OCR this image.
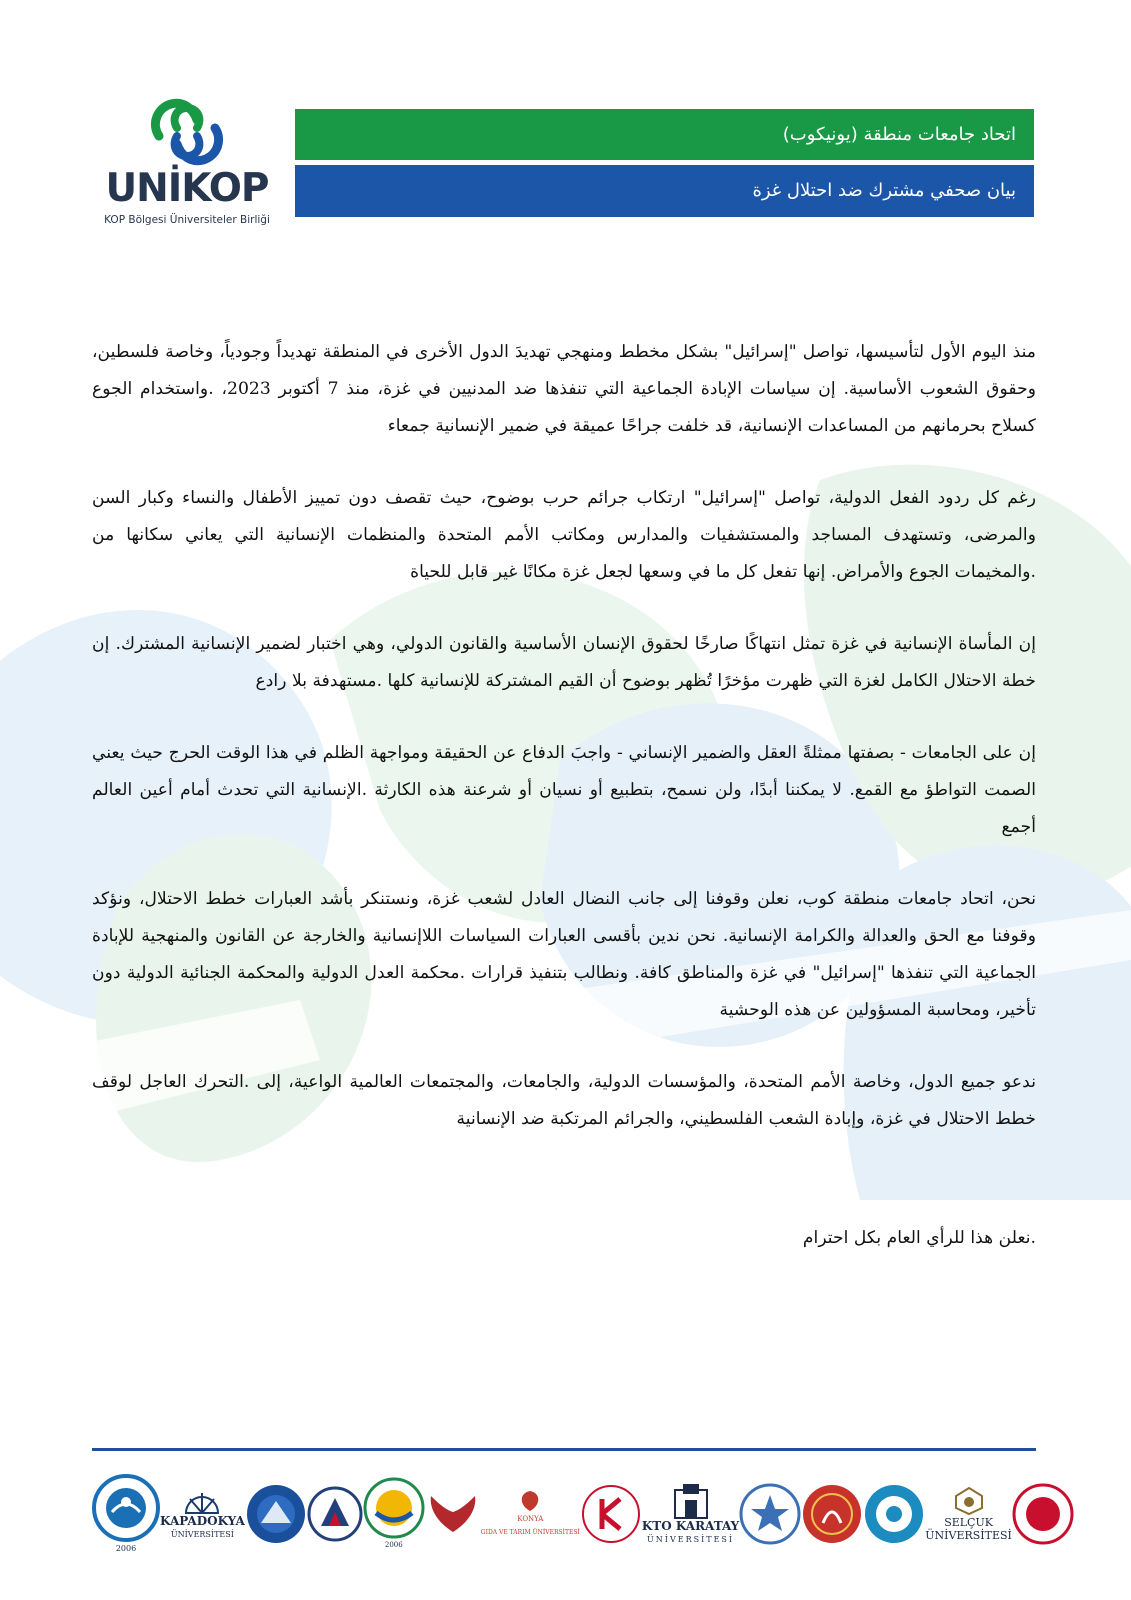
UNİKOP
KOP Bölgesi Üniversiteler Birliği
اتحاد جامعات منطقة (يونيكوب)
بيان صحفي مشترك ضد احتلال غزة

منذ اليوم الأول لتأسيسها، تواصل "إسرائيل" بشكل مخطط ومنهجي تهديدَ الدول الأخرى في المنطقة تهديداً وجودياً، وخاصة فلسطين، وحقوق الشعوب الأساسية. إن سياسات الإبادة الجماعية التي تنفذها ضد المدنيين في غزة، منذ 7 أكتوبر 2023، .واستخدام الجوع كسلاح بحرمانهم من المساعدات الإنسانية، قد خلفت جراحًا عميقة في ضمير الإنسانية جمعاء

رغم كل ردود الفعل الدولية، تواصل "إسرائيل" ارتكاب جرائم حرب بوضوح، حيث تقصف دون تمييز الأطفال والنساء وكبار السن والمرضى، وتستهدف المساجد والمستشفيات والمدارس ومكاتب الأمم المتحدة والمنظمات الإنسانية التي يعاني سكانها من .والمخيمات الجوع والأمراض. إنها تفعل كل ما في وسعها لجعل غزة مكانًا غير قابل للحياة

إن المأساة الإنسانية في غزة تمثل انتهاكًا صارخًا لحقوق الإنسان الأساسية والقانون الدولي، وهي اختبار لضمير الإنسانية المشترك. إن خطة الاحتلال الكامل لغزة التي ظهرت مؤخرًا تُظهر بوضوح أن القيم المشتركة للإنسانية كلها .مستهدفة بلا رادع

إن على الجامعات - بصفتها ممثلةً العقل والضمير الإنساني - واجبَ الدفاع عن الحقيقة ومواجهة الظلم في هذا الوقت الحرج حيث يعني الصمت التواطؤ مع القمع. لا يمكننا أبدًا، ولن نسمح، بتطبيع أو نسيان أو شرعنة هذه الكارثة .الإنسانية التي تحدث أمام أعين العالم أجمع

نحن، اتحاد جامعات منطقة كوب، نعلن وقوفنا إلى جانب النضال العادل لشعب غزة، ونستنكر بأشد العبارات خطط الاحتلال، ونؤكد وقوفنا مع الحق والعدالة والكرامة الإنسانية. نحن ندين بأقسى العبارات السياسات اللاإنسانية والخارجة عن القانون والمنهجية للإبادة الجماعية التي تنفذها "إسرائيل" في غزة والمناطق كافة. ونطالب بتنفيذ قرارات .محكمة العدل الدولية والمحكمة الجنائية الدولية دون تأخير، ومحاسبة المسؤولين عن هذه الوحشية

ندعو جميع الدول، وخاصة الأمم المتحدة، والمؤسسات الدولية، والجامعات، والمجتمعات العالمية الواعية، إلى .التحرك العاجل لوقف خطط الاحتلال في غزة، وإبادة الشعب الفلسطيني، والجرائم المرتكبة ضد الإنسانية

.نعلن هذا للرأي العام بكل احترام

2006
KAPADOKYA
ÜNİVERSİTESİ
2006
KONYA
GIDA VE TARIM ÜNİVERSİTESİ	KTO KARATAY
ÜNİVERSİTESİ
SELÇUK
ÜNİVERSİTESİ
